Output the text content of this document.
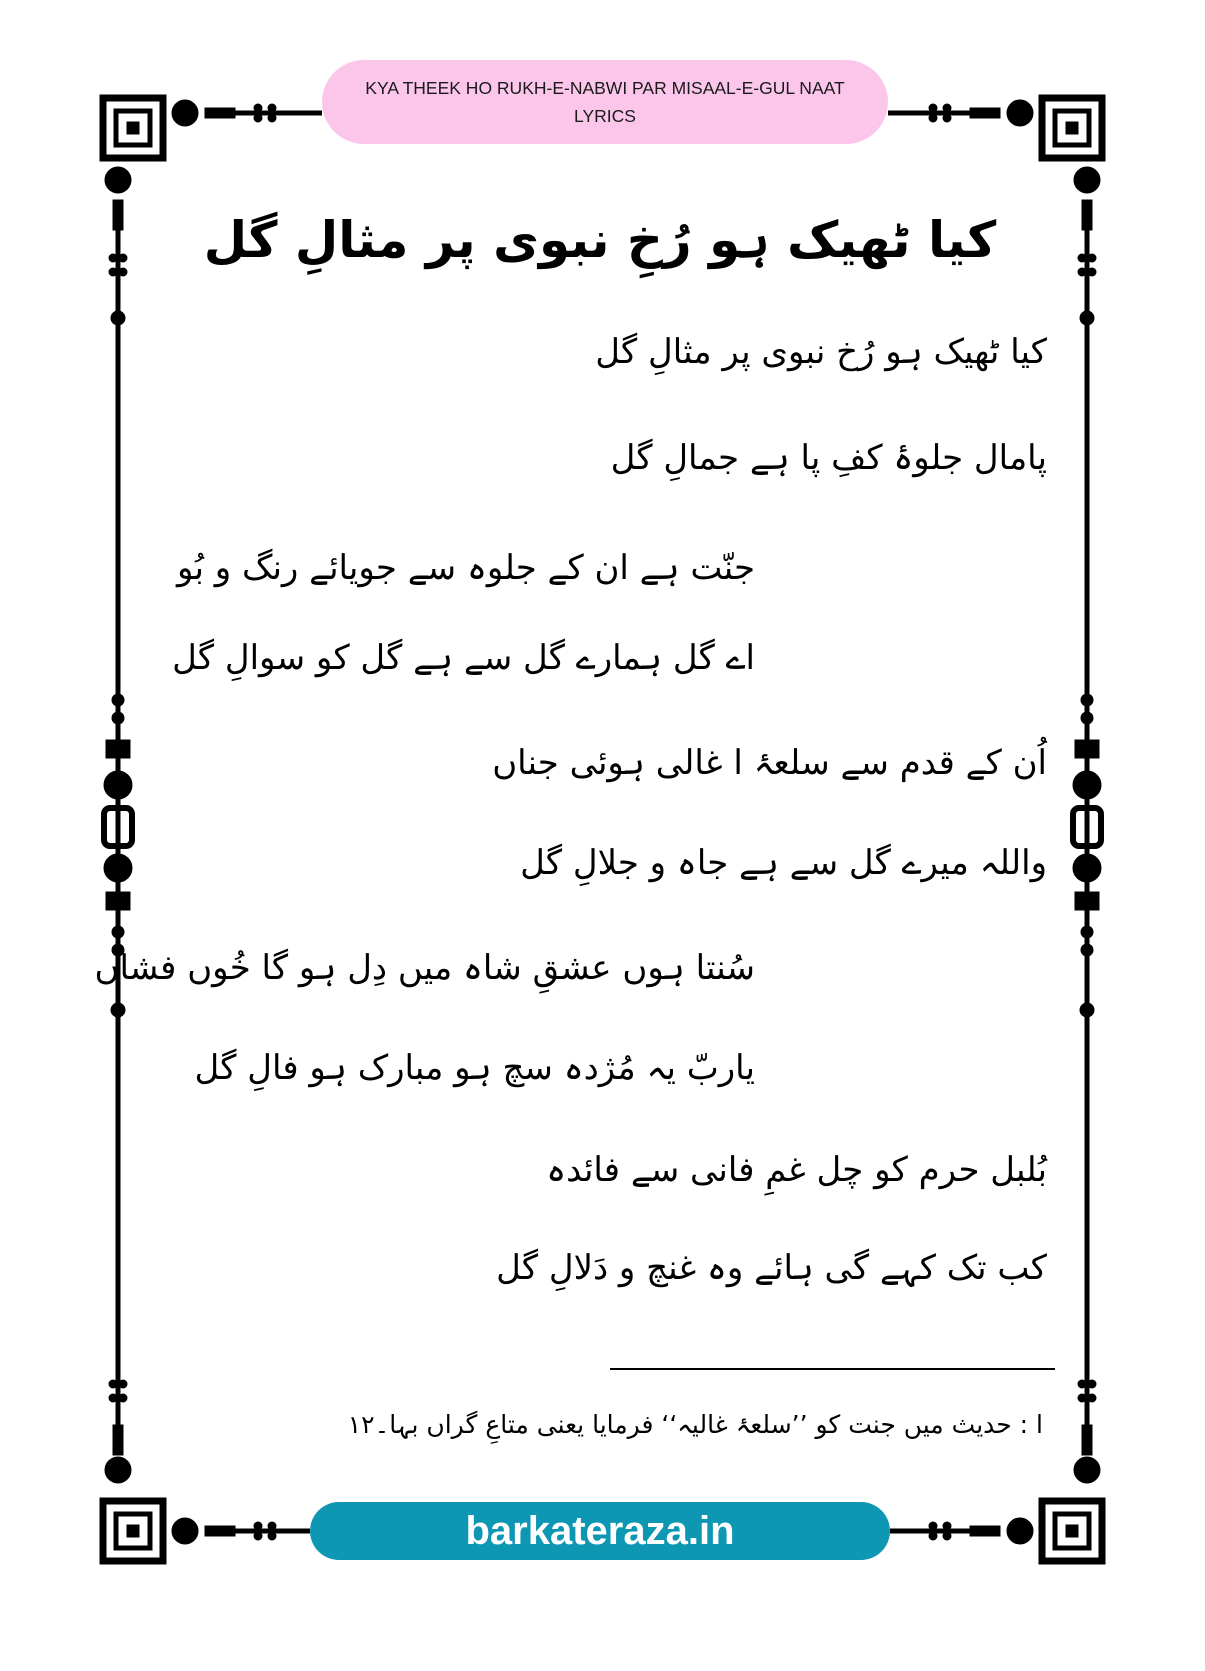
KYA THEEK HO RUKH-E-NABWI PAR MISAAL-E-GUL NAAT LYRICS
کیا ٹھیک ہو رُخِ نبوی پر مثالِ گل
کیا ٹھیک ہو رُخ نبوی پر مثالِ گل
پامال جلوۂ کفِ پا ہے جمالِ گل
جنّت ہے ان کے جلوہ سے جویائے رنگ و بُو
اے گل ہمارے گل سے ہے گل کو سوالِ گل
اُن کے قدم سے سلعۂ ا غالی ہوئی جناں
واللہ میرے گل سے ہے جاہ و جلالِ گل
سُنتا ہوں عشقِ شاہ میں دِل ہو گا خُوں فشاں
یاربّ یہ مُژدہ سچ ہو مبارک ہو فالِ گل
بُلبل حرم کو چل غمِ فانی سے فائدہ
کب تک کہے گی ہائے وہ غنچ و دَلالِ گل
ا : حدیث میں جنت کو ’’سلعۂ غالیہ‘‘ فرمایا یعنی متاعِ گراں بہا۔۱۲
barkateraza.in
